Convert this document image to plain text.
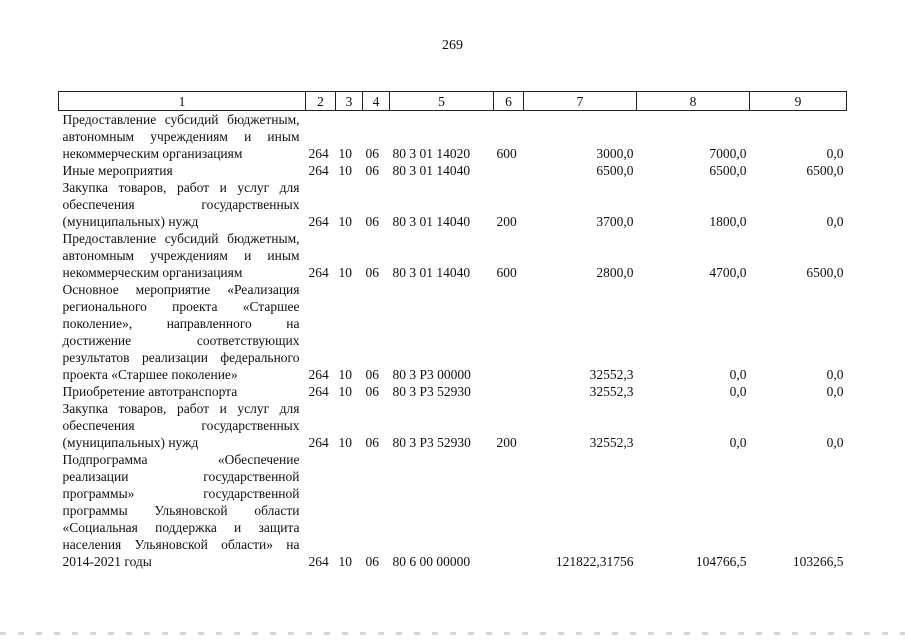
269
1	2	3	4	5	6	7	8	9
Предоставление субсидий бюджетным, автономным учреждениям и иным некоммерческим организациям	264	10	06	80 3 01 14020	600	3000,0	7000,0	0,0
Иные мероприятия	264	10	06	80 3 01 14040		6500,0	6500,0	6500,0
Закупка товаров, работ и услуг для обеспечения государственных (муниципальных) нужд	264	10	06	80 3 01 14040	200	3700,0	1800,0	0,0
Предоставление субсидий бюджетным, автономным учреждениям и иным некоммерческим организациям	264	10	06	80 3 01 14040	600	2800,0	4700,0	6500,0
Основное мероприятие «Реализация регионального проекта «Старшее поколение», направленного на достижение соответствующих результатов реализации федерального проекта «Старшее поколение»	264	10	06	80 3 P3 00000		32552,3	0,0	0,0
Приобретение автотранспорта	264	10	06	80 3 P3 52930		32552,3	0,0	0,0
Закупка товаров, работ и услуг для обеспечения государственных (муниципальных) нужд	264	10	06	80 3 P3 52930	200	32552,3	0,0	0,0
Подпрограмма «Обеспечение реализации государственной программы» государственной программы Ульяновской области «Социальная поддержка и защита населения Ульяновской области» на 2014-2021 годы	264	10	06	80 6 00 00000		121822,31756	104766,5	103266,5
